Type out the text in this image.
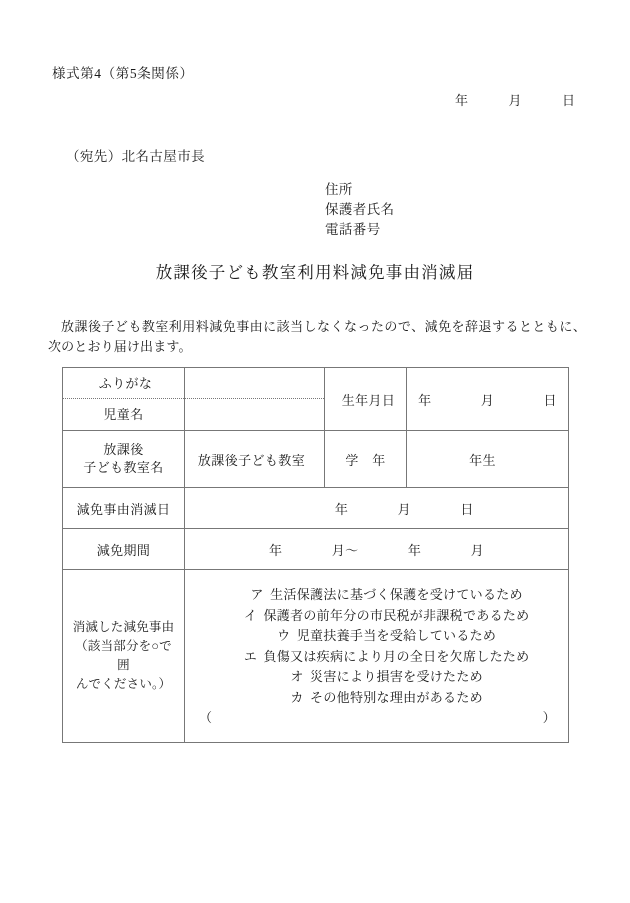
様式第4（第5条関係）
年	月	日
（宛先）北名古屋市長
住所
保護者氏名
電話番号
放課後子ども教室利用料減免事由消滅届
放課後子ども教室利用料減免事由に該当しなくなったので、減免を辞退するとともに、次のとおり届け出ます。
ふりがな
児童名		生年月日	年 月 日

放課後
子ども教室名	放課後子ども教室	学　年	年生
減免事由消滅日	年 月 日		
減免期間	年 月～ 年 月		

消滅した減免事由
（該当部分を○で囲
んでください。）

ア 生活保護法に基づく保護を受けているため
イ 保護者の前年分の市民税が非課税であるため
ウ 児童扶養手当を受給しているため
エ 負傷又は疾病により月の全日を欠席したため
オ 災害により損害を受けたため
カ その他特別な理由があるため
（	）
